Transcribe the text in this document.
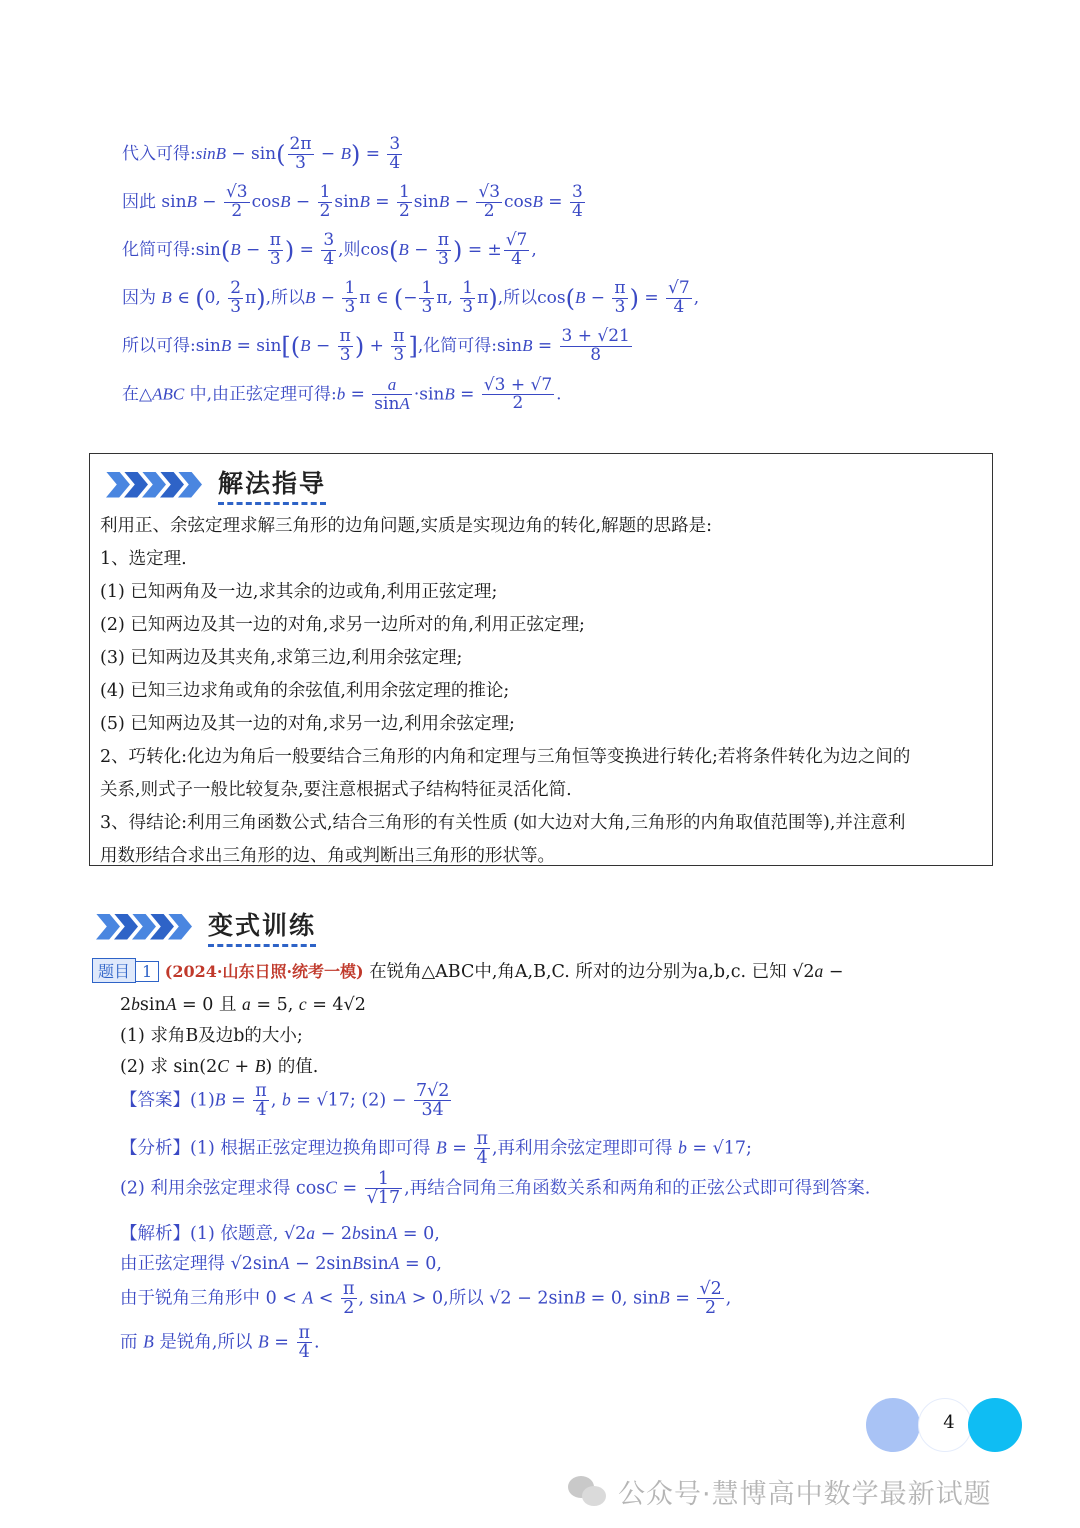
代入可得:sinB − $\sin( \frac{2\pi}{3} - B) = \frac{3}{4}$
因此 $\sin B - \frac{√3}{2}$ $\cos B - \frac{1}{2}$ $\sin B = \frac{1}{2}$ $\sin B - \frac{√3}{2}$ $\cos B = \frac{3}{4}$
化简可得:sin(B − $\frac{\pi}{3}$ ) = $\frac{3}{4}$ ,则$\cos(B - \frac{\pi}{3}$ ) = ± $\frac{√7}{4}$ ,
因为 B ∈ (0, $\frac{2}{3} \pi$),所以$B - \frac{1}{3}$ π ∈ (− $\frac{1}{3} \pi$, $\frac{1}{3} \pi$),所以$\cos(B - \frac{\pi}{3}$ ) = $\frac{√7}{4}$ ,
所以可得:sinB = $\sin[(B - \frac{\pi}{3}$ ) + $\frac{\pi}{3}$ ],化简可得:sinB = $\frac{3 + √21}{8}$
在△ABC 中,由正弦定理可得:b = $\frac{a}{\sin A} \cdot\sin B = \frac{√3 + √7}{2}$ .
解法指导
利用正、余弦定理求解三角形的边角问题,实质是实现边角的转化,解题的思路是:
1、选定理.
(1) 已知两角及一边,求其余的边或角,利用正弦定理;
(2) 已知两边及其一边的对角,求另一边所对的角,利用正弦定理;
(3) 已知两边及其夹角,求第三边,利用余弦定理;
(4) 已知三边求角或角的余弦值,利用余弦定理的推论;
(5) 已知两边及其一边的对角,求另一边,利用余弦定理;
2、巧转化:化边为角后一般要结合三角形的内角和定理与三角恒等变换进行转化;若将条件转化为边之间的
关系,则式子一般比较复杂,要注意根据式子结构特征灵活化简.
3、得结论:利用三角函数公式,结合三角形的有关性质 (如大边对大角,三角形的内角取值范围等),并注意利
用数形结合求出三角形的边、角或判断出三角形的形状等。
变式训练
题目 1 (2024·山东日照·统考一模) 在锐角△ABC中,角A,B,C. 所对的边分别为a,b,c. 已知 √2a −
2bsinA = 0 且 a = 5, c = 4√2
(1) 求角B及边b的大小;
(2) 求 sin(2C + B) 的值.
【答案】$(1)B = \frac{\pi}{4}$ , b = √17; $(2) - \frac{7√2}{34}$
【分析】(1) 根据正弦定理边换角即可得 $B = \frac{\pi}{4}$ ,再利用余弦定理即可得 b = √17;
(2) 利用余弦定理求得 $\cos C = \frac{1}{√17}$ ,再结合同角三角函数关系和两角和的正弦公式即可得到答案.
【解析】(1) 依题意, √2a − 2bsinA = 0,
由正弦定理得 √2sinA − 2sinBsinA = 0,
由于锐角三角形中 $0 < A < \frac{\pi}{2}$ , sinA > 0,所以 √2 − 2sinB = 0, $\sin B = \frac{√2}{2}$ ,
而 B 是锐角,所以 $B = \frac{\pi}{4}$ .
4
公众号·慧博高中数学最新试题
